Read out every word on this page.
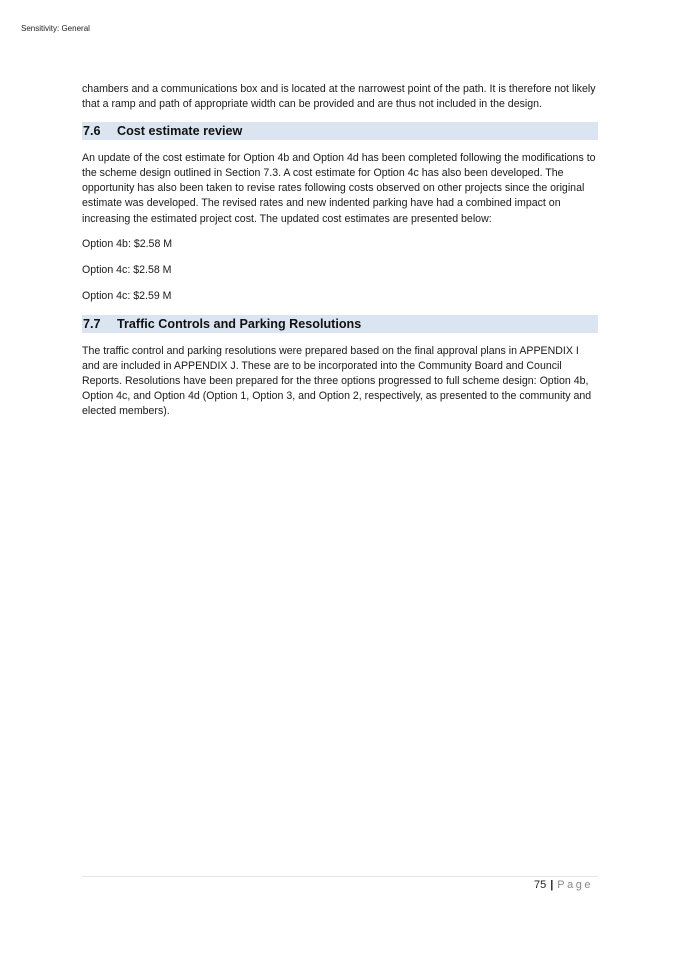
Sensitivity: General

chambers and a communications box and is located at the narrowest point of the path. It is therefore not likely that a ramp and path of appropriate width can be provided and are thus not included in the design.

7.6	Cost estimate review

An update of the cost estimate for Option 4b and Option 4d has been completed following the modifications to the scheme design outlined in Section 7.3. A cost estimate for Option 4c has also been developed. The opportunity has also been taken to revise rates following costs observed on other projects since the original estimate was developed. The revised rates and new indented parking have had a combined impact on increasing the estimated project cost. The updated cost estimates are presented below:

Option 4b: $2.58 M

Option 4c: $2.58 M

Option 4c: $2.59 M

7.7	Traffic Controls and Parking Resolutions

The traffic control and parking resolutions were prepared based on the final approval plans in APPENDIX I and are included in APPENDIX J. These are to be incorporated into the Community Board and Council Reports. Resolutions have been prepared for the three options progressed to full scheme design: Option 4b, Option 4c, and Option 4d (Option 1, Option 3, and Option 2, respectively, as presented to the community and elected members).

75 | Page
